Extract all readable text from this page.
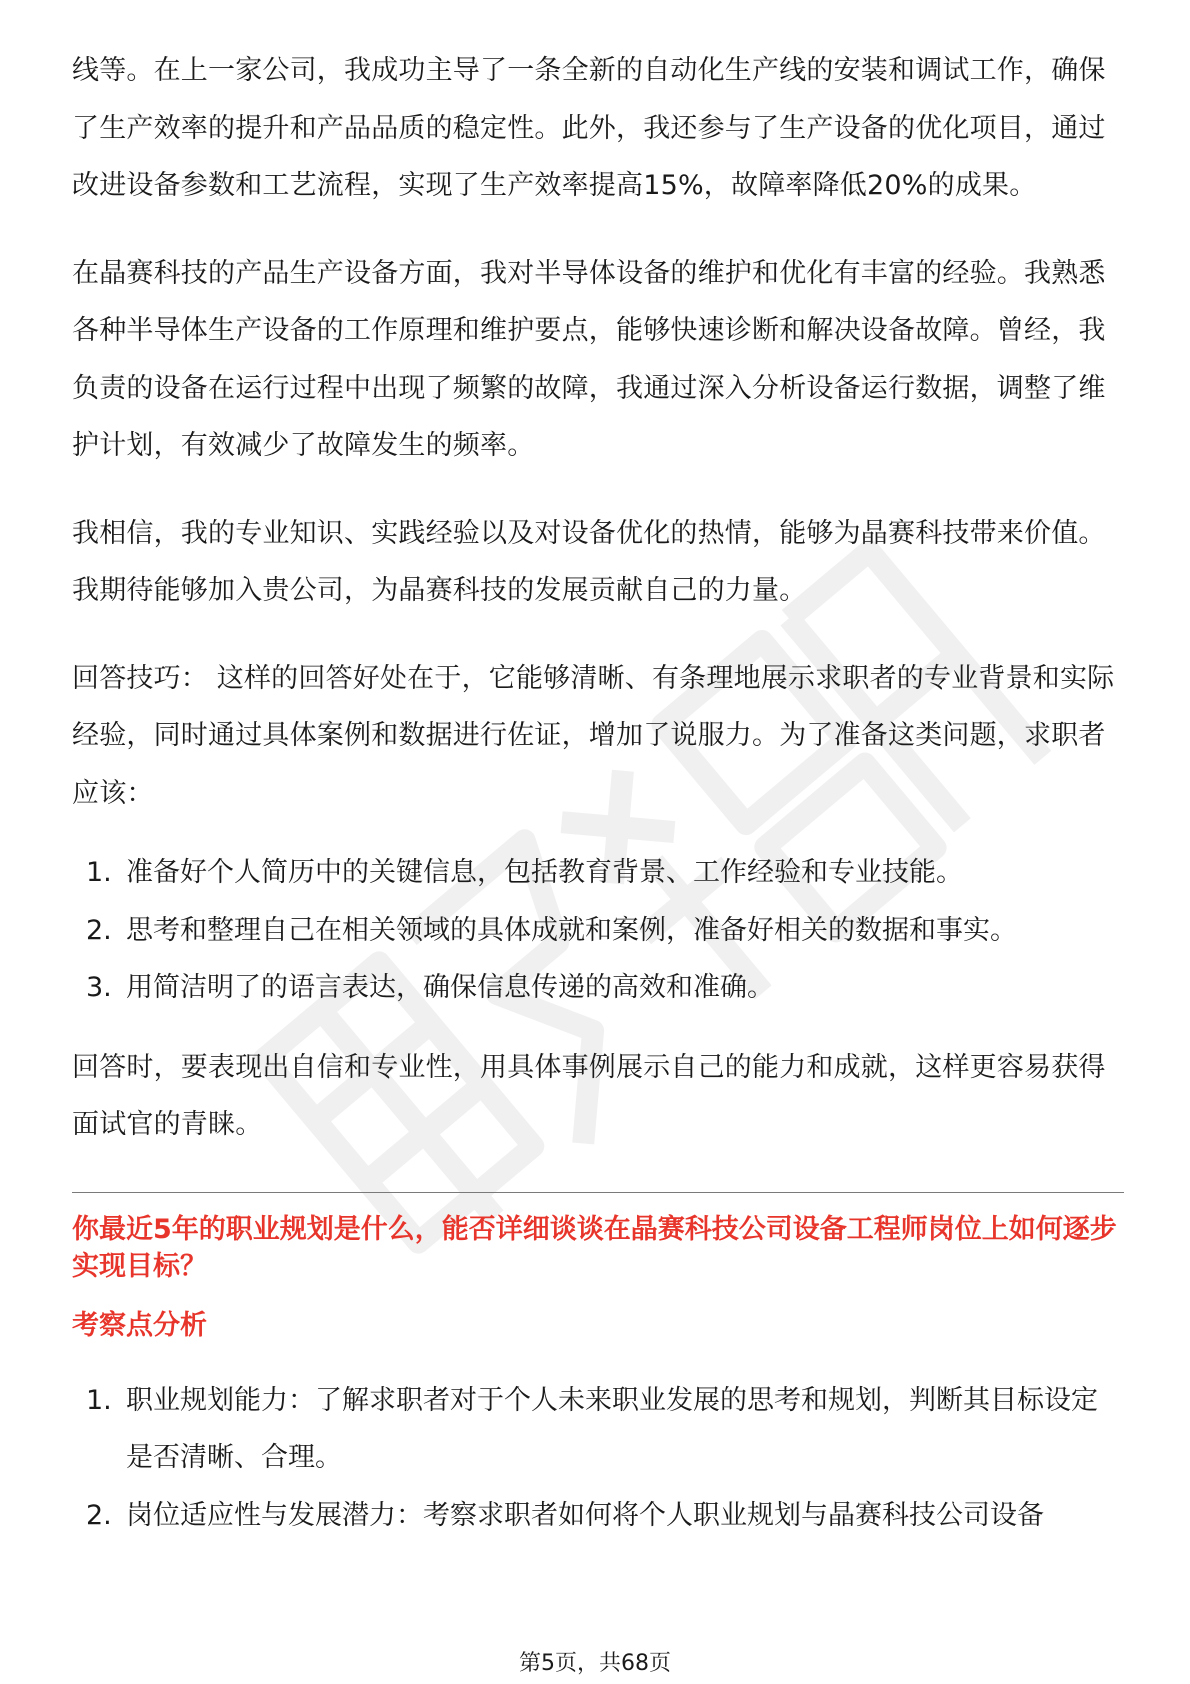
线等。在上一家公司，我成功主导了一条全新的自动化生产线的安装和调试工作，确保了生产效率的提升和产品品质的稳定性。此外，我还参与了生产设备的优化项目，通过改进设备参数和工艺流程，实现了生产效率提高15%，故障率降低20%的成果。

在晶赛科技的产品生产设备方面，我对半导体设备的维护和优化有丰富的经验。我熟悉各种半导体生产设备的工作原理和维护要点，能够快速诊断和解决设备故障。曾经，我负责的设备在运行过程中出现了频繁的故障，我通过深入分析设备运行数据，调整了维护计划，有效减少了故障发生的频率。

我相信，我的专业知识、实践经验以及对设备优化的热情，能够为晶赛科技带来价值。我期待能够加入贵公司，为晶赛科技的发展贡献自己的力量。

回答技巧： 这样的回答好处在于，它能够清晰、有条理地展示求职者的专业背景和实际经验，同时通过具体案例和数据进行佐证，增加了说服力。为了准备这类问题，求职者应该：

1. 准备好个人简历中的关键信息，包括教育背景、工作经验和专业技能。
2. 思考和整理自己在相关领域的具体成就和案例，准备好相关的数据和事实。
3. 用简洁明了的语言表达，确保信息传递的高效和准确。

回答时，要表现出自信和专业性，用具体事例展示自己的能力和成就，这样更容易获得面试官的青睐。

你最近5年的职业规划是什么，能否详细谈谈在晶赛科技公司设备工程师岗位上如何逐步实现目标？

考察点分析

1. 职业规划能力：了解求职者对于个人未来职业发展的思考和规划，判断其目标设定是否清晰、合理。
2. 岗位适应性与发展潜力：考察求职者如何将个人职业规划与晶赛科技公司设备
第5页，共68页
